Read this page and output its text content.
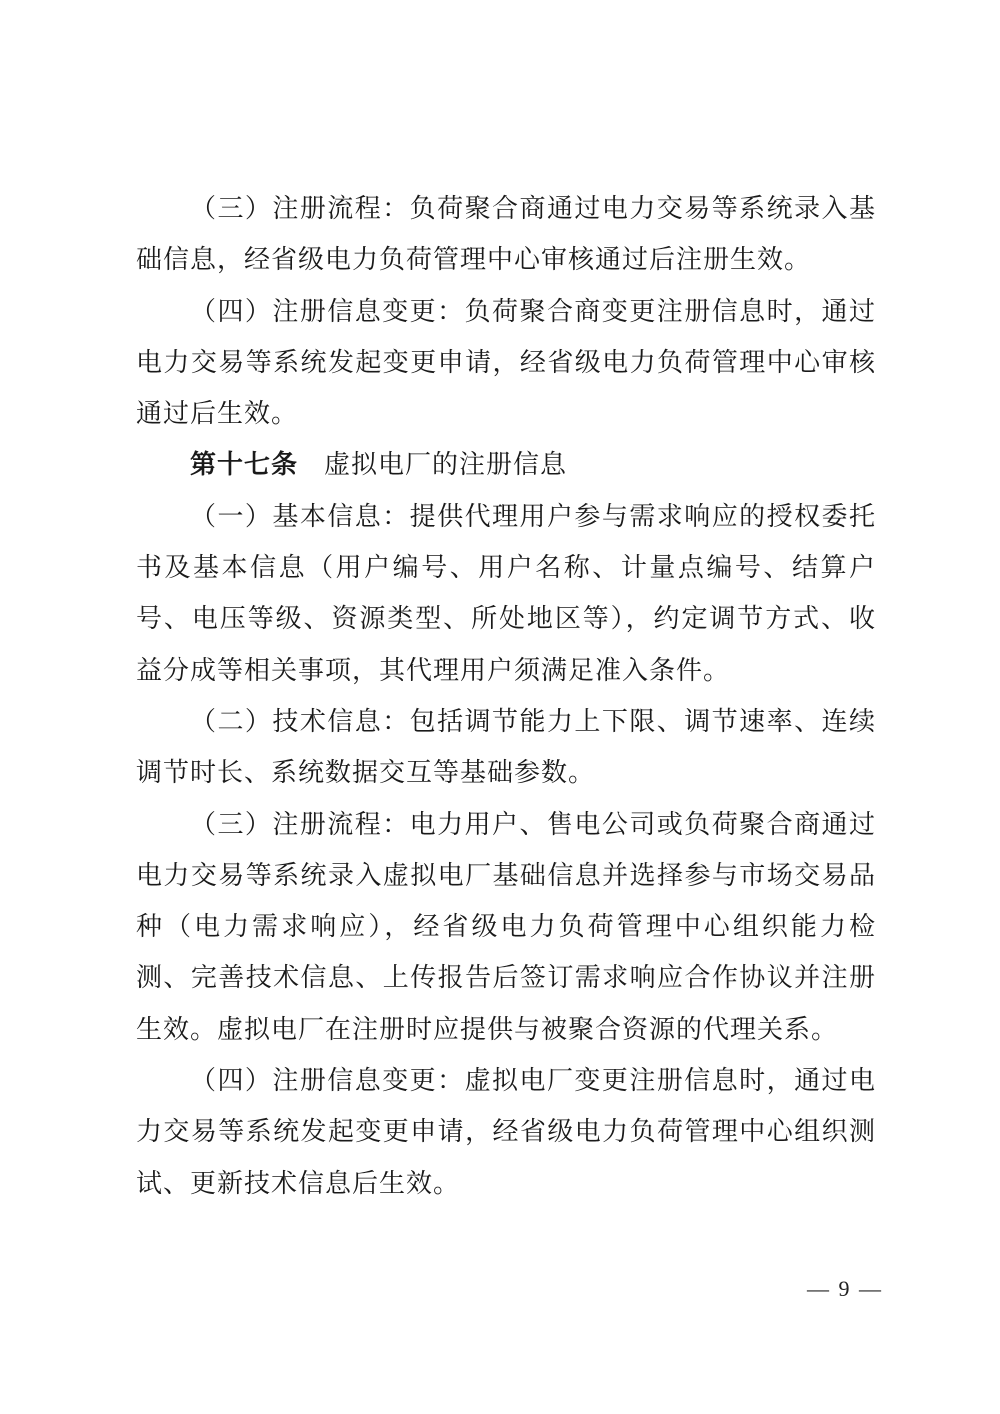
（三）注册流程：负荷聚合商通过电力交易等系统录入基础信息，经省级电力负荷管理中心审核通过后注册生效。

（四）注册信息变更：负荷聚合商变更注册信息时，通过电力交易等系统发起变更申请，经省级电力负荷管理中心审核通过后生效。

第十七条 虚拟电厂的注册信息

（一）基本信息：提供代理用户参与需求响应的授权委托书及基本信息（用户编号、用户名称、计量点编号、结算户号、电压等级、资源类型、所处地区等），约定调节方式、收益分成等相关事项，其代理用户须满足准入条件。

（二）技术信息：包括调节能力上下限、调节速率、连续调节时长、系统数据交互等基础参数。

（三）注册流程：电力用户、售电公司或负荷聚合商通过电力交易等系统录入虚拟电厂基础信息并选择参与市场交易品种（电力需求响应），经省级电力负荷管理中心组织能力检测、完善技术信息、上传报告后签订需求响应合作协议并注册生效。虚拟电厂在注册时应提供与被聚合资源的代理关系。

（四）注册信息变更：虚拟电厂变更注册信息时，通过电力交易等系统发起变更申请，经省级电力负荷管理中心组织测试、更新技术信息后生效。

— 9 —
